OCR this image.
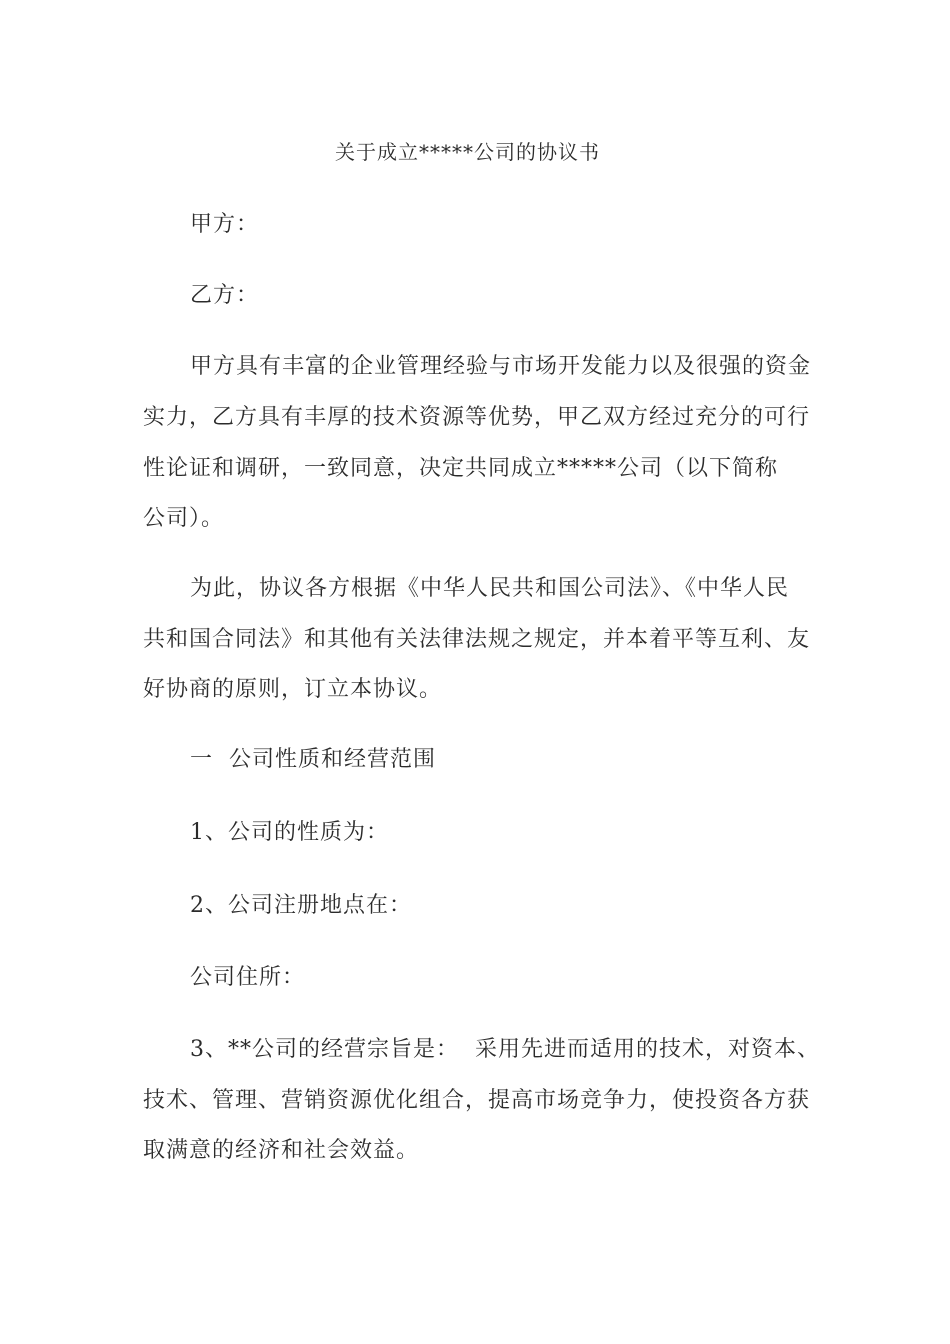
关于成立*****公司的协议书
甲方：
乙方：
甲方具有丰富的企业管理经验与市场开发能力以及很强的资金
实力，乙方具有丰厚的技术资源等优势，甲乙双方经过充分的可行
性论证和调研，一致同意，决定共同成立*****公司（以下简称
公司）。
为此，协议各方根据《中华人民共和国公司法》、《中华人民
共和国合同法》和其他有关法律法规之规定，并本着平等互利、友
好协商的原则，订立本协议。
一  公司性质和经营范围
1、公司的性质为：
2、公司注册地点在：
公司住所：
3、**公司的经营宗旨是：  采用先进而适用的技术，对资本、
技术、管理、营销资源优化组合，提高市场竞争力，使投资各方获
取满意的经济和社会效益。
